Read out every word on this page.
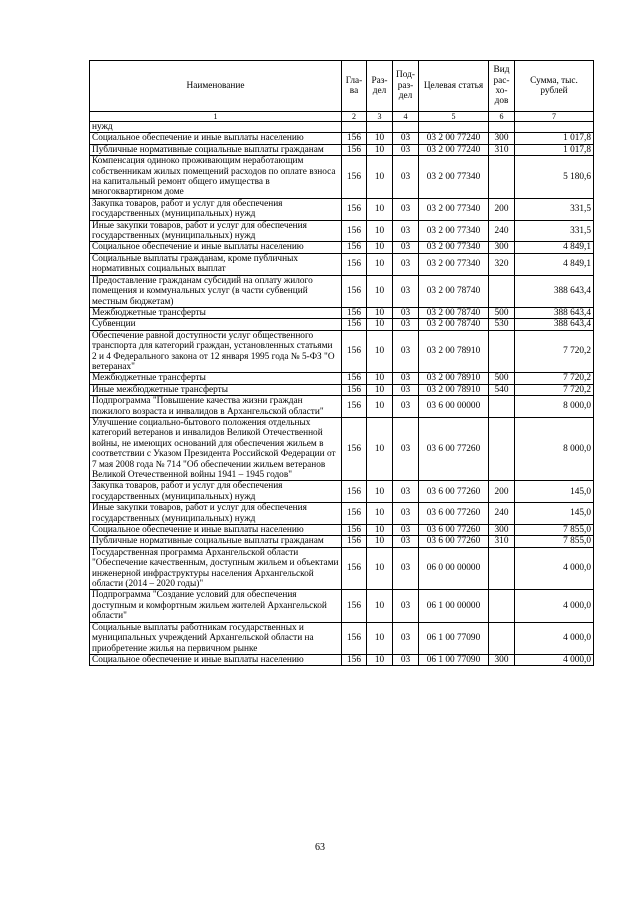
Наименование	Гла-ва	Раз-дел	Под-раз-дел	Целевая статья	Вид рас-хо-дов	Сумма, тыс. рублей
1	2	3	4	5	6	7
нужд						
Социальное обеспечение и иные выплаты населению	156	10	03	03 2 00 77240	300	1 017,8
Публичные нормативные социальные выплаты гражданам	156	10	03	03 2 00 77240	310	1 017,8
Компенсация одиноко проживающим неработающим собственникам жилых помещений расходов по оплате взноса на капитальный ремонт общего имущества в многоквартирном доме	156	10	03	03 2 00 77340		5 180,6
Закупка товаров, работ и услуг для обеспечения государственных (муниципальных) нужд	156	10	03	03 2 00 77340	200	331,5
Иные закупки товаров, работ и услуг для обеспечения государственных (муниципальных) нужд	156	10	03	03 2 00 77340	240	331,5
Социальное обеспечение и иные выплаты населению	156	10	03	03 2 00 77340	300	4 849,1
Социальные выплаты гражданам, кроме публичных нормативных социальных выплат	156	10	03	03 2 00 77340	320	4 849,1
Предоставление гражданам субсидий на оплату жилого помещения и коммунальных услуг (в части субвенций местным бюджетам)	156	10	03	03 2 00 78740		388 643,4
Межбюджетные трансферты	156	10	03	03 2 00 78740	500	388 643,4
Субвенции	156	10	03	03 2 00 78740	530	388 643,4
Обеспечение равной доступности услуг общественного транспорта для категорий граждан, установленных статьями 2 и 4 Федерального закона от 12 января 1995 года № 5-ФЗ "О ветеранах"	156	10	03	03 2 00 78910		7 720,2
Межбюджетные трансферты	156	10	03	03 2 00 78910	500	7 720,2
Иные межбюджетные трансферты	156	10	03	03 2 00 78910	540	7 720,2
Подпрограмма "Повышение качества жизни граждан пожилого возраста и инвалидов в Архангельской области"	156	10	03	03 6 00 00000		8 000,0
Улучшение социально-бытового положения отдельных категорий ветеранов и инвалидов Великой Отечественной войны, не имеющих оснований для обеспечения жильем в соответствии с Указом Президента Российской Федерации от 7 мая 2008 года № 714 "Об обеспечении жильем ветеранов Великой Отечественной войны 1941 – 1945 годов"	156	10	03	03 6 00 77260		8 000,0
Закупка товаров, работ и услуг для обеспечения государственных (муниципальных) нужд	156	10	03	03 6 00 77260	200	145,0
Иные закупки товаров, работ и услуг для обеспечения государственных (муниципальных) нужд	156	10	03	03 6 00 77260	240	145,0
Социальное обеспечение и иные выплаты населению	156	10	03	03 6 00 77260	300	7 855,0
Публичные нормативные социальные выплаты гражданам	156	10	03	03 6 00 77260	310	7 855,0
Государственная программа Архангельской области "Обеспечение качественным, доступным жильем и объектами инженерной инфраструктуры населения Архангельской области (2014 – 2020 годы)"	156	10	03	06 0 00 00000		4 000,0
Подпрограмма "Создание условий для обеспечения доступным и комфортным жильем жителей Архангельской области"	156	10	03	06 1 00 00000		4 000,0
Социальные выплаты работникам государственных и муниципальных учреждений Архангельской области на приобретение жилья на первичном рынке	156	10	03	06 1 00 77090		4 000,0
Социальное обеспечение и иные выплаты населению	156	10	03	06 1 00 77090	300	4 000,0
63
